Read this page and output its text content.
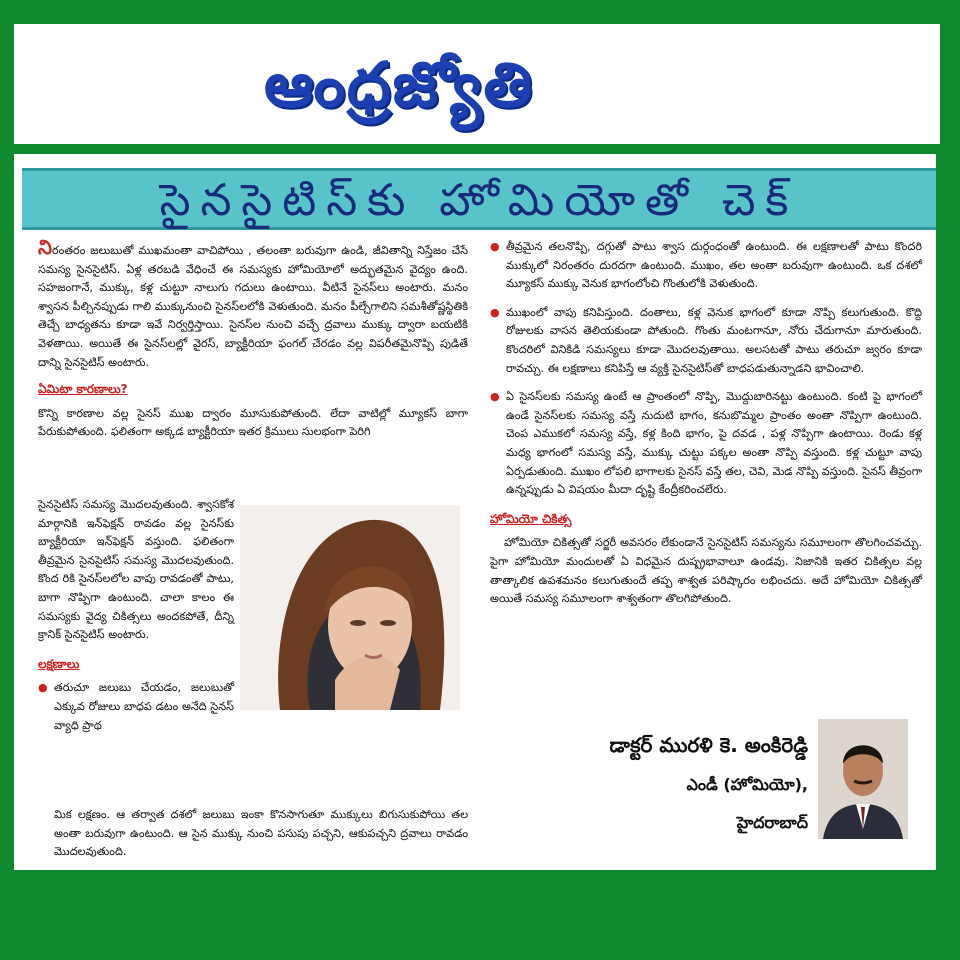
ఆంధ్రజ్యోతి
సైనసైటిస్‌కు హోమియోతో చెక్

నిరంతరం జలుబుతో ముఖమంతా వాచిపోయి , తలంతా బరువుగా ఉండి, జీవితాన్ని నిస్తేజం చేసే సమస్య సైనసైటిస్. ఏళ్ల తరబడి వేధించే ఈ సమస్యకు హోమియోలో అద్భుతమైన వైద్యం ఉంది. సహజంగానే, ముక్కు, కళ్ల చుట్టూ నాలుగు గదులు ఉంటాయి. వీటినే సైనస్‌లు అంటారు. మనం శ్వాసన పీల్చినప్పుడు గాలి ముక్కునుంచి సైనస్‌లలోకి వెళుతుంది. మనం పీల్చేగాలిని సమశీతోష్ణస్థితికి తెచ్చే బాధ్యతను కూడా ఇవే నిర్వర్తిస్తాయి. సైనస్‌ల నుంచి వచ్చే ద్రవాలు ముక్కు ద్వారా బయటికి వెళతాయి. అయితే ఈ సైనస్‌లల్లో వైరస్, బ్యాక్టీరియా ఫంగల్ చేరడం వల్ల విపరీతమైనొప్పి పుడితే దాన్ని సైనసైటిస్ అంటారు.

ఏమిటా కారణాలు?

కొన్ని కారణాల వల్ల సైనస్ ముఖ ద్వారం మూసుకుపోతుంది. లేదా వాటిల్లో మ్యూకస్ బాగా పేరుకుపోతుంది. ఫలితంగా అక్కడ బ్యాక్టీరియా ఇతర క్రిములు సులభంగా పెరిగి

సైనసైటిస్ సమస్య మొదలవుతుంది. శ్వాసకోశ మార్గానికి ఇన్‌ఫెక్షన్ రావడం వల్ల సైనస్‌కు బ్యాక్టీరియా ఇన్‌ఫెక్షన్ వస్తుంది. ఫలితంగా తీవ్రమైన సైనసైటిస్ సమస్య మొదలవుతుంది. కొంద రికి సైనస్‌లలోల వాపు రావడంతో పాటు, బాగా నొప్పిగా ఉంటుంది. చాలా కాలం ఈ సమస్యకు వైద్య చికిత్సలు అందకపోతే, దీన్ని క్రానిక్ సైనసైటిస్ అంటారు.

లక్షణాలు
● తరుచూ జలుబు చేయడం, జలుబుతో ఎక్కువ రోజులు బాధప డటం అనేది సైనస్ వ్యాధి ప్రాథ

మిక లక్షణం. ఆ తర్వాత దశలో జలుబు ఇంకా కొనసాగుతూ ముక్కులు బిగుసుకుపోయి తల అంతా బరువుగా ఉంటుంది. ఆ సైన ముక్కు నుంచి పసుపు పచ్చని, ఆకుపచ్చని ద్రవాలు రావడం మొదలవుతుంది.

● తీవ్రమైన తలనొప్పి, దగ్గుతో పాటు శ్వాస దుర్గంధంతో ఉంటుంది. ఈ లక్షణాలతో పాటు కొందరి ముక్కులో నిరంతరం దురదగా ఉంటుంది. ముఖం, తల అంతా బరువుగా ఉంటుంది. ఒక దశలో మ్యూకస్ ముక్కు వెనుక భాగంలోంచి గొంతులోకి వెళుతుంది.
● ముఖంలో వాపు కనిపిస్తుంది. దంతాలు, కళ్ల వెనుక భాగంలో కూడా నొప్పి కలుగుతుంది. కొద్ది రోజులకు వాసన తెలియకుండా పోతుంది. గొంతు మంటగానూ, నోరు చేదుగానూ మారుతుంది. కొందరిలో వినికిడి సమస్యలు కూడా మొదలవుతాయి. అలసటతో పాటు తరుచూ జ్వరం కూడా రావచ్చు. ఈ లక్షణాలు కనిపిస్తే ఆ వ్యక్తి సైనసైటిస్‌తో బాధపడుతున్నాడని భావించాలి.
● ఏ సైనస్‌లకు సమస్య ఉంటే ఆ ప్రాంతంలో నొప్పి, మొద్దుబారినట్టు ఉంటుంది. కంటి పై భాగంలో ఉండే సైనస్‌లకు సమస్య వస్తే నుదుటి భాగం, కనుబొమ్మల ప్రాంతం అంతా నొప్పిగా ఉంటుంది. చెంప ఎముకలో సమస్య వస్తే, కళ్ల కింది భాగం, పై దవడ , పళ్ల నొప్పిగా ఉంటాయి. రెండు కళ్ల మధ్య భాగంలో సమస్య వస్తే, ముక్కు చుట్టు పక్కల అంతా నొప్పి వస్తుంది. కళ్ల చుట్టూ వాపు ఏర్పడుతుంది. ముఖం లోపలి భాగాలకు సైనస్ వస్తే తల, చెవి, మెడ నొప్పి వస్తుంది. సైనస్ తీవ్రంగా ఉన్నప్పుడు ఏ విషయం మీదా దృష్టి కేంద్రీకరించలేరు.
హోమియో చికిత్స

హోమియో చికిత్సతో సర్జరీ అవసరం లేకుండానే సైనసైటిస్ సమస్యను సమూలంగా తొలగించవచ్చు. పైగా హోమియో మందులతో ఏ విధమైన దుష్ప్రభావాలూ ఉండవు. నిజానికి ఇతర చికిత్సల వల్ల తాత్కాలిక ఉపశమనం కలుగుతుందే తప్ప శాశ్వత పరిష్కారం లభించదు. అదే హోమియో చికిత్సతో అయితే సమస్య సమూలంగా శాశ్వతంగా తొలగిపోతుంది.

డాక్టర్ మురళి కె. అంకిరెడ్డి
ఎండీ (హోమియో),
హైదరాబాద్
